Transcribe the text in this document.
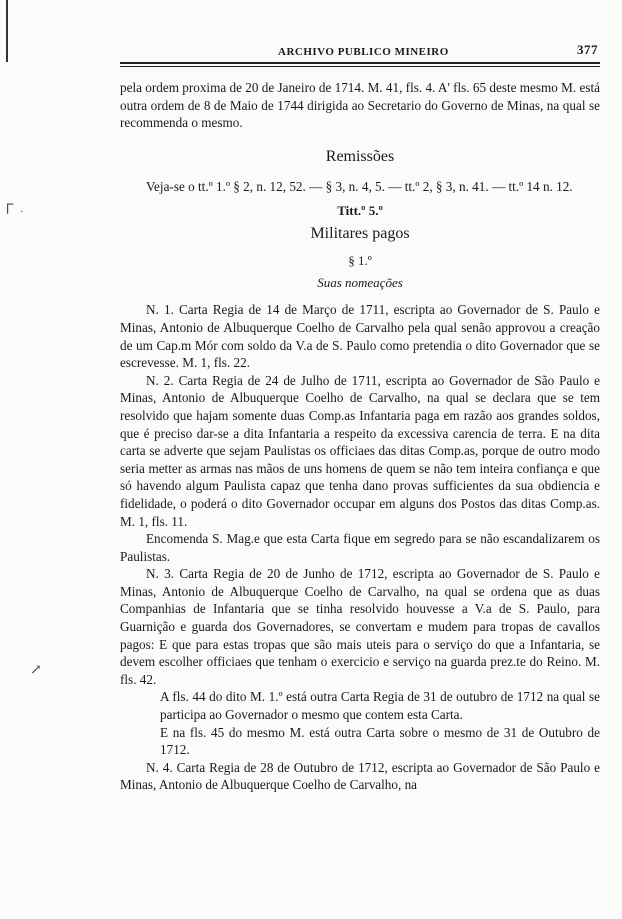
┌ ·
↗
ARCHIVO PUBLICO MINEIRO	377

pela ordem proxima de 20 de Janeiro de 1714. M. 41, fls. 4. A' fls. 65 deste mesmo M. está outra ordem de 8 de Maio de 1744 dirigida ao Secretario do Governo de Minas, na qual se recommenda o mesmo.

Remissões

Veja-se o tt.º 1.º § 2, n. 12, 52. — § 3, n. 4, 5. — tt.º 2, § 3, n. 41. — tt.º 14 n. 12.

Titt.º 5.º
Militares pagos
§ 1.º
Suas nomeações

N. 1. Carta Regia de 14 de Março de 1711, escripta ao Governador de S. Paulo e Minas, Antonio de Albuquerque Coelho de Carvalho pela qual senão approvou a creação de um Cap.m Mór com soldo da V.a de S. Paulo como pretendia o dito Governador que se escrevesse. M. 1, fls. 22.

N. 2. Carta Regia de 24 de Julho de 1711, escripta ao Governador de São Paulo e Minas, Antonio de Albuquerque Coelho de Carvalho, na qual se declara que se tem resolvido que hajam somente duas Comp.as Infantaria paga em razão aos grandes soldos, que é preciso dar-se a dita Infantaria a respeito da excessiva carencia de terra. E na dita carta se adverte que sejam Paulistas os officiaes das ditas Comp.as, porque de outro modo seria metter as armas nas mãos de uns homens de quem se não tem inteira confiança e que só havendo algum Paulista capaz que tenha dano provas sufficientes da sua obdiencia e fidelidade, o poderá o dito Governador occupar em alguns dos Postos das ditas Comp.as. M. 1, fls. 11.

Encomenda S. Mag.e que esta Carta fique em segredo para se não escandalizarem os Paulistas.

N. 3. Carta Regia de 20 de Junho de 1712, escripta ao Governador de S. Paulo e Minas, Antonio de Albuquerque Coelho de Carvalho, na qual se ordena que as duas Companhias de Infantaria que se tinha resolvido houvesse a V.a de S. Paulo, para Guarnição e guarda dos Governadores, se convertam e mudem para tropas de cavallos pagos: E que para estas tropas que são mais uteis para o serviço do que a Infantaria, se devem escolher officiaes que tenham o exercicio e serviço na guarda prez.te do Reino. M. fls. 42.

A fls. 44 do dito M. 1.º está outra Carta Regia de 31 de outubro de 1712 na qual se participa ao Governador o mesmo que contem esta Carta.

E na fls. 45 do mesmo M. está outra Carta sobre o mesmo de 31 de Outubro de 1712.

N. 4. Carta Regia de 28 de Outubro de 1712, escripta ao Governador de São Paulo e Minas, Antonio de Albuquerque Coelho de Carvalho, na
